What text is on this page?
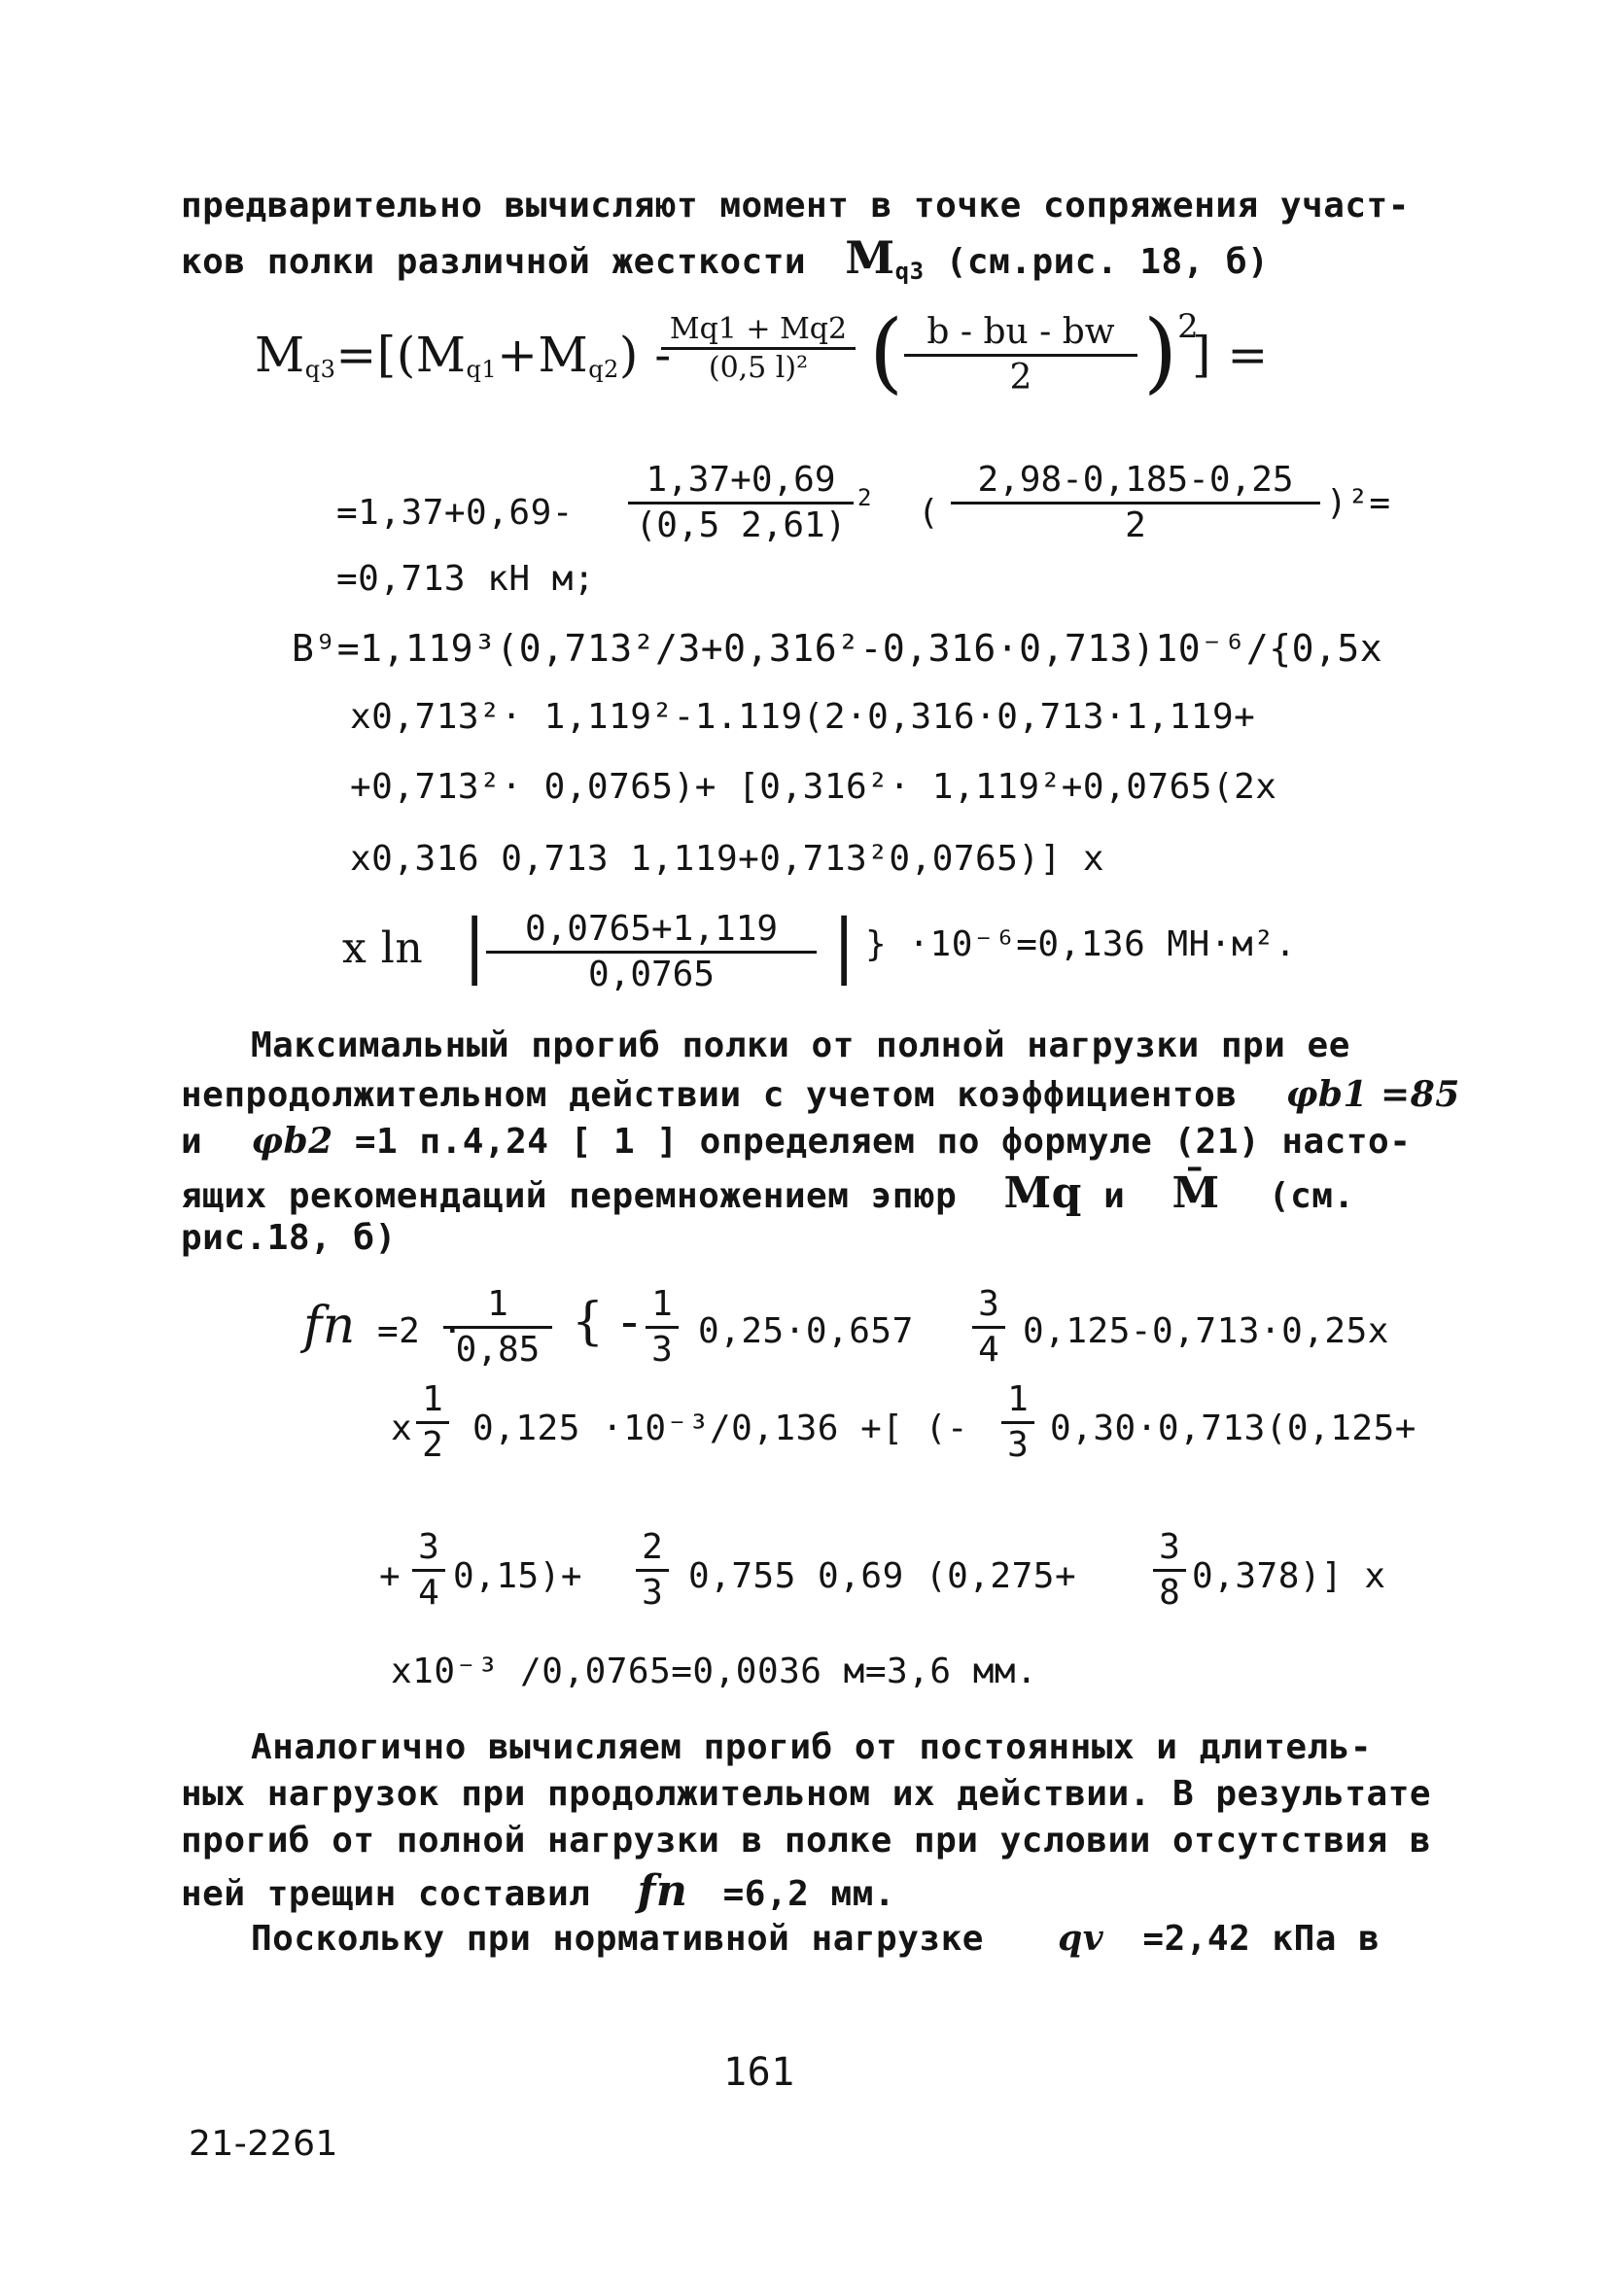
предварительно вычисляют момент в точке сопряжения участ-
ков полки различной жесткости $M_{q3}$ (см.рис. 18, б)
$M_{q3}=[(M_{q1}+M_{q2})$ -
Mq1 + Mq2
(0,5 l)² ( b - bu - bw
2	)$^2$
] =
=1,37+0,69-
1,37+0,69
(0,5 2,61)
2 (
2,98-0,185-0,25
2
)²=
=0,713 кН м;
B⁹=1,119³(0,713²/3+0,316²-0,316·0,713)10⁻⁶/{0,5x
x0,713²· 1,119²-1.119(2·0,316·0,713·1,119+
+0,713²· 0,0765)+ [0,316²· 1,119²+0,0765(2x
x0,316 0,713 1,119+0,713²0,0765)] x
x ln |	0,0765+1,119
0,0765	| } ·10⁻⁶=0,136 МН·м².
Максимальный прогиб полки от полной нагрузки при ее
непродолжительном действии с учетом коэффициентов φb1 =85
и φb2 =1 п.4,24 [ 1 ] определяем по формуле (21) насто-
ящих рекомендаций перемножением эпюр Mq и M̄ (см.
рис.18, б)
fn =2 ·
1
0,85 { - 1
3 0,25·0,657
3
4 0,125-0,713·0,25x
x
1
2 0,125 ·10⁻³/0,136 +[ (-
1
3 0,30·0,713(0,125+
+
3
4 0,15)+
2
3 0,755 0,69 (0,275+
3
8 0,378)] x
x10⁻³ /0,0765=0,0036 м=3,6 мм.
Аналогично вычисляем прогиб от постоянных и длитель-
ных нагрузок при продолжительном их действии. В результате
прогиб от полной нагрузки в полке при условии отсутствия в
ней трещин составил fn =6,2 мм.
Поскольку при нормативной нагрузке qv =2,42 кПа в
161
21-2261
